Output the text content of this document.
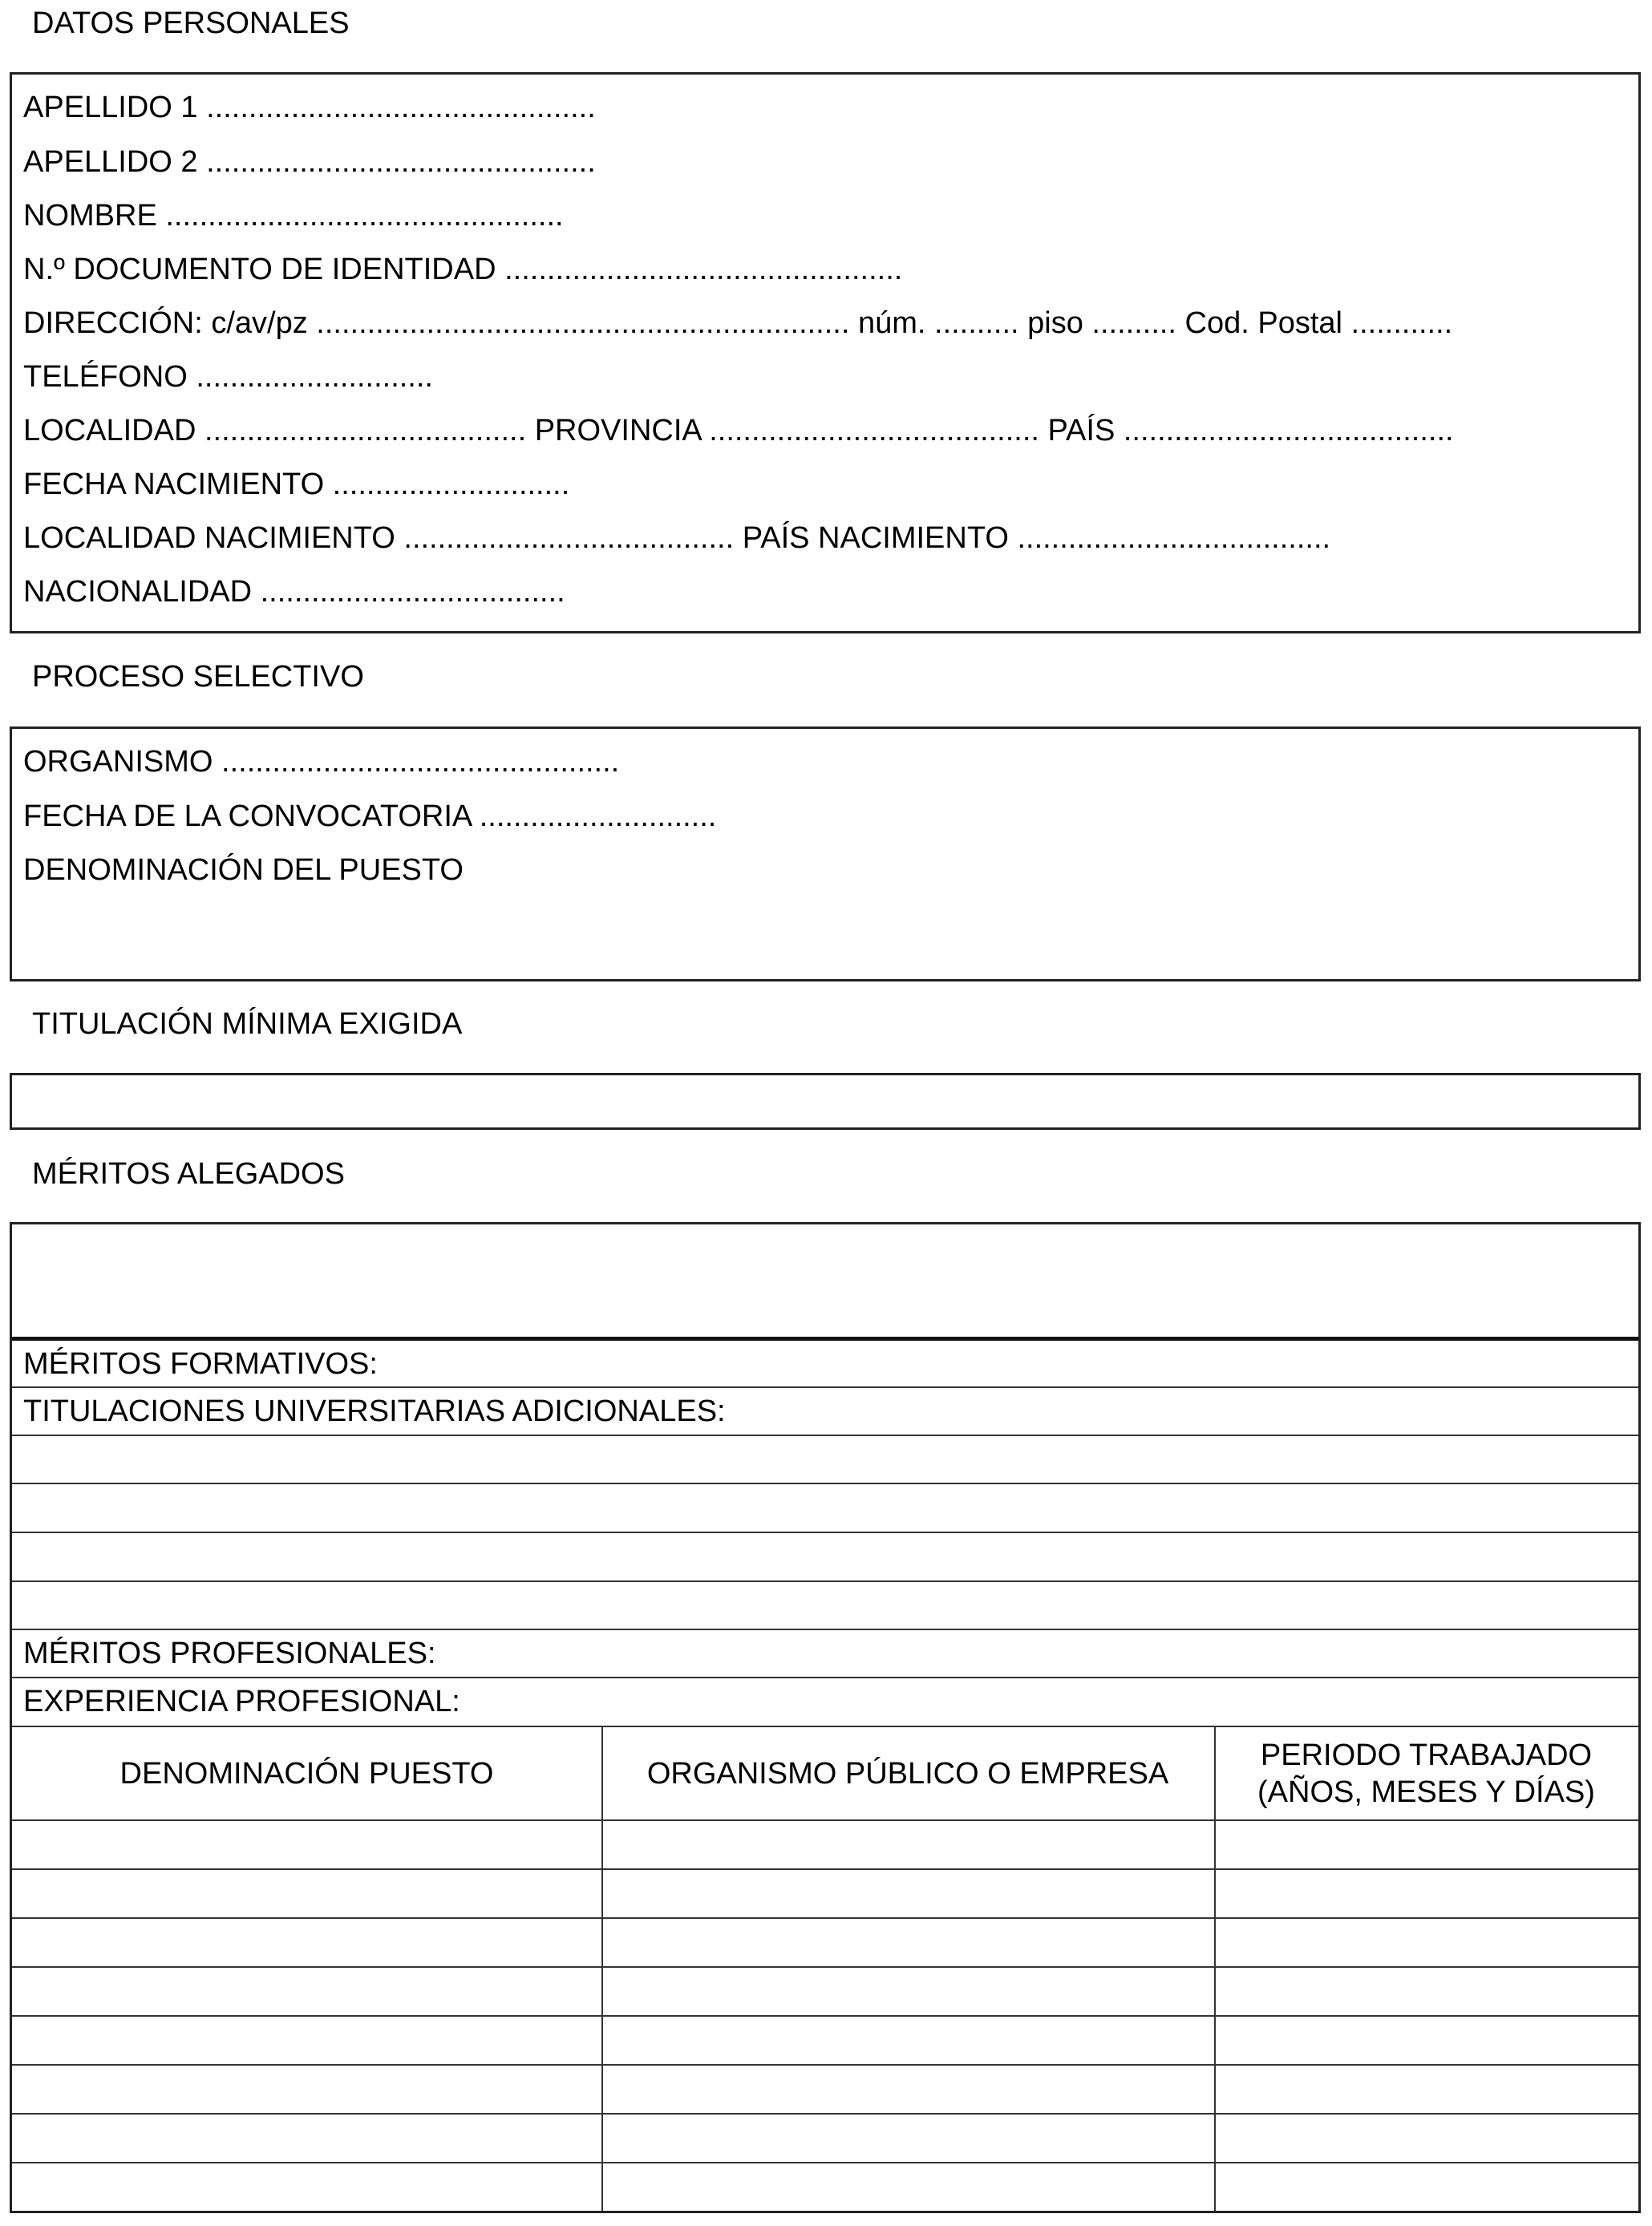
DATOS PERSONALES
APELLIDO 1 ..............................................
APELLIDO 2 ..............................................
NOMBRE ...............................................
N.º DOCUMENTO DE IDENTIDAD ...............................................
DIRECCIÓN: c/av/pz ............................................................... núm. .......... piso .......... Cod. Postal ............
TELÉFONO ............................
LOCALIDAD ...................................... PROVINCIA ....................................... PAÍS .......................................
FECHA NACIMIENTO ............................
LOCALIDAD NACIMIENTO ....................................... PAÍS NACIMIENTO .....................................
NACIONALIDAD ....................................
PROCESO SELECTIVO
ORGANISMO ...............................................
FECHA DE LA CONVOCATORIA ............................
DENOMINACIÓN DEL PUESTO
TITULACIÓN MÍNIMA EXIGIDA
MÉRITOS ALEGADOS
MÉRITOS FORMATIVOS:
TITULACIONES UNIVERSITARIAS ADICIONALES:
MÉRITOS PROFESIONALES:
EXPERIENCIA PROFESIONAL:
DENOMINACIÓN PUESTO	ORGANISMO PÚBLICO O EMPRESA
PERIODO TRABAJADO
(AÑOS, MESES Y DÍAS)
